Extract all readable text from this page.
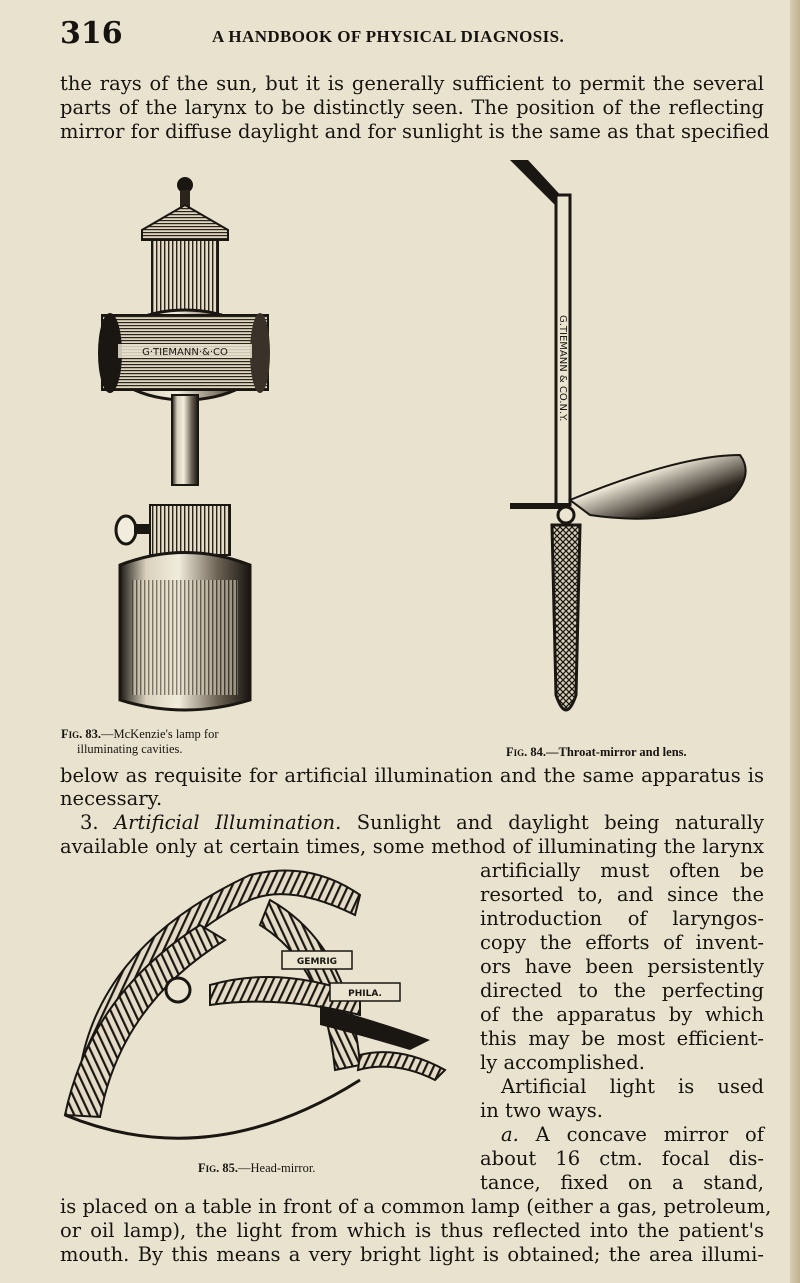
316	A HANDBOOK OF PHYSICAL DIAGNOSIS.
the rays of the sun, but it is generally sufficient to permit the several
parts of the larynx to be distinctly seen. The position of the reflecting
mirror for diffuse daylight and for sunlight is the same as that specified
G·TIEMANN·&·CO
Fig. 83.—McKenzie's lamp for
illuminating cavities.
G.TIEMANN & CO.N.Y.
Fig. 84.—Throat-mirror and lens.
below as requisite for artificial illumination and the same apparatus is
necessary.
3. Artificial Illumination. Sunlight and daylight being naturally
available only at certain times, some method of illuminating the larynx
artificially must often be
resorted to, and since the
introduction of laryngos-
copy the efforts of invent-
ors have been persistently
directed to the perfecting
of the apparatus by which
this may be most efficient-
ly accomplished.
Artificial light is used
in two ways.
a. A concave mirror of
about 16 ctm. focal dis-
tance, fixed on a stand,
GEMRIG
PHILA.
Fig. 85.—Head-mirror.
is placed on a table in front of a common lamp (either a gas, petroleum,
or oil lamp), the light from which is thus reflected into the patient's
mouth. By this means a very bright light is obtained; the area illumi-
